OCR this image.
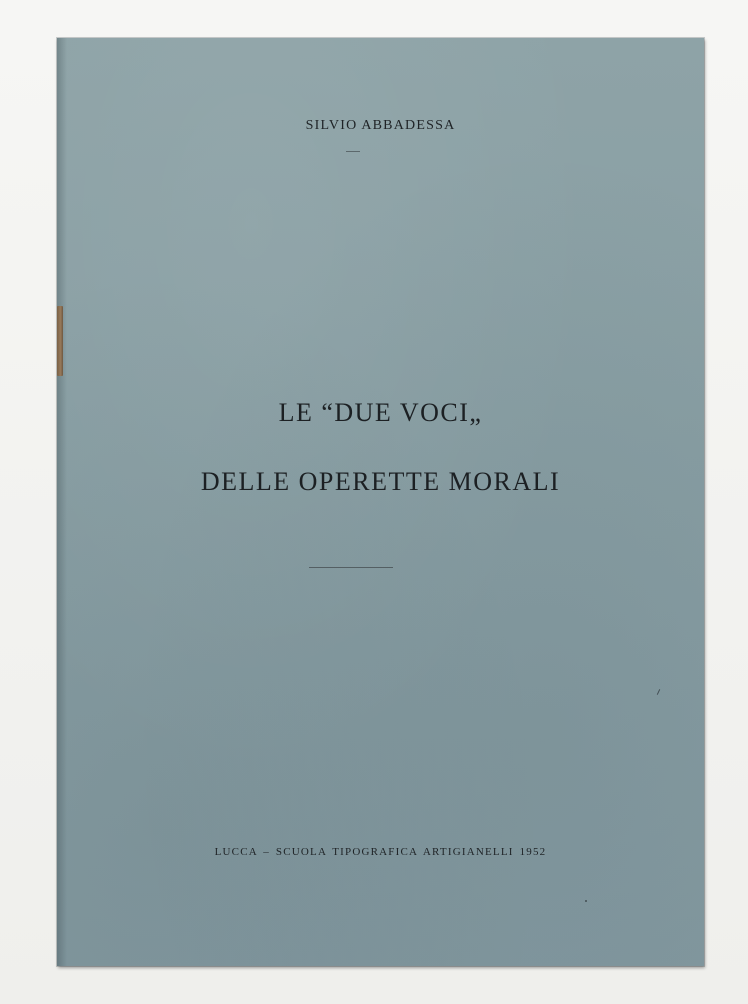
SILVIO ABBADESSA
LE “DUE VOCI„
DELLE OPERETTE MORALI
LUCCA – SCUOLA TIPOGRAFICA ARTIGIANELLI 1952
